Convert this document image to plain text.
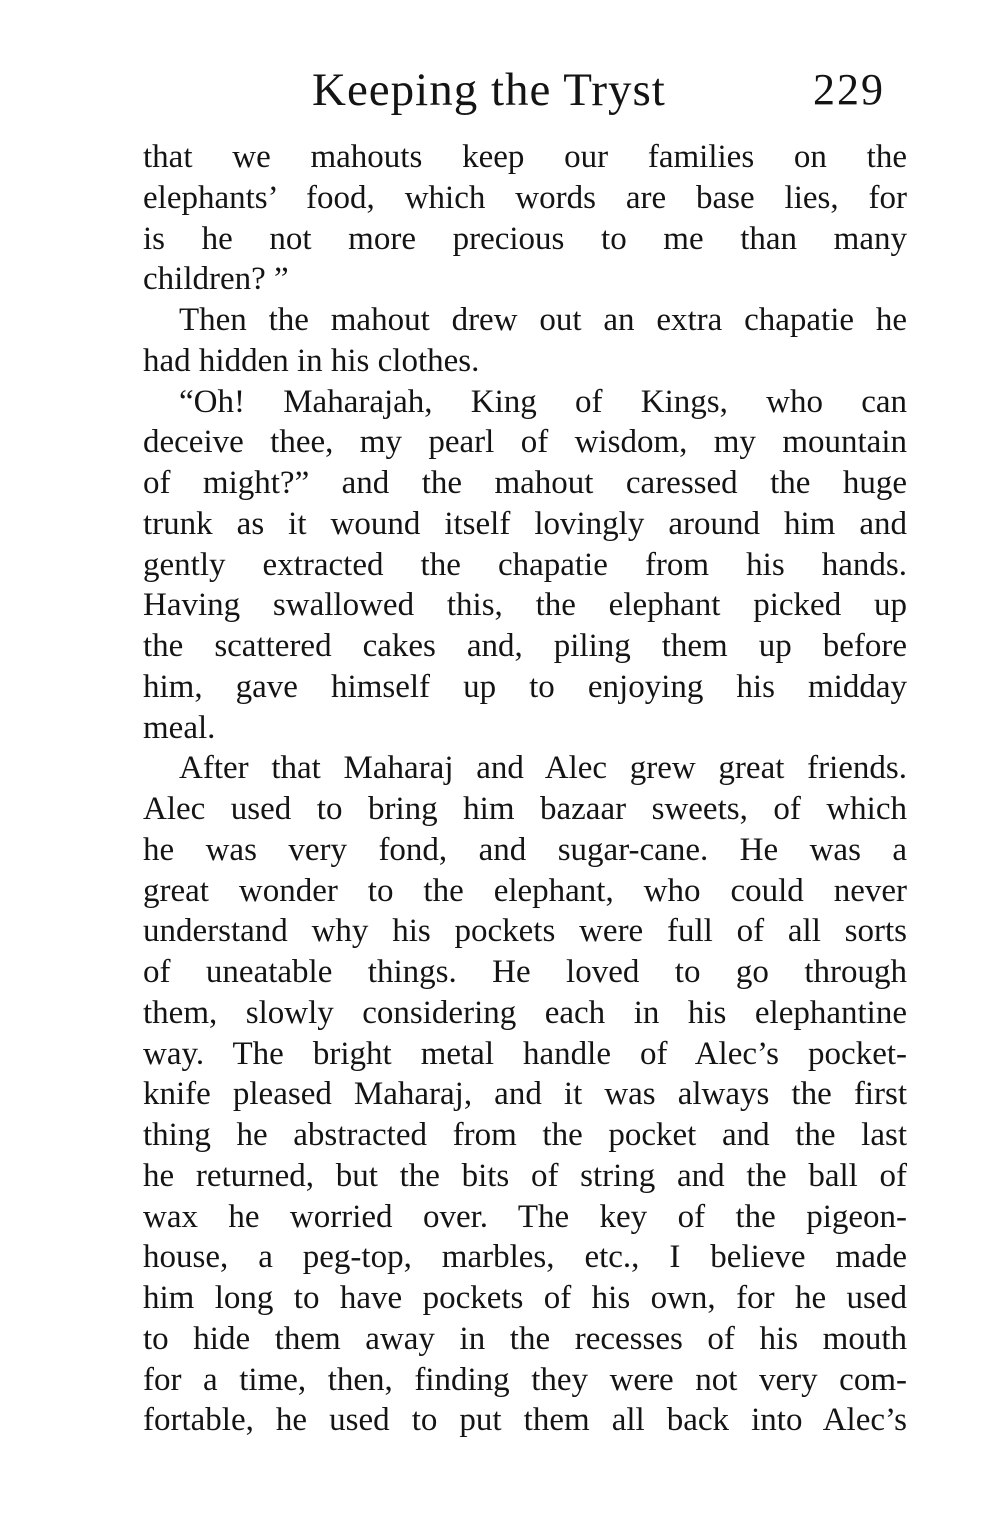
Keeping the Tryst	229
that we mahouts keep our families on the
elephants’ food, which words are base lies, for
is he not more precious to me than many
children? ”
Then the mahout drew out an extra chapatie he
had hidden in his clothes.
“Oh! Maharajah, King of Kings, who can
deceive thee, my pearl of wisdom, my mountain
of might?” and the mahout caressed the huge
trunk as it wound itself lovingly around him and
gently extracted the chapatie from his hands.
Having swallowed this, the elephant picked up
the scattered cakes and, piling them up before
him, gave himself up to enjoying his midday
meal.
After that Maharaj and Alec grew great friends.
Alec used to bring him bazaar sweets, of which
he was very fond, and sugar-cane. He was a
great wonder to the elephant, who could never
understand why his pockets were full of all sorts
of uneatable things. He loved to go through
them, slowly considering each in his elephantine
way. The bright metal handle of Alec’s pocket-
knife pleased Maharaj, and it was always the first
thing he abstracted from the pocket and the last
he returned, but the bits of string and the ball of
wax he worried over. The key of the pigeon-
house, a peg-top, marbles, etc., I believe made
him long to have pockets of his own, for he used
to hide them away in the recesses of his mouth
for a time, then, finding they were not very com-
fortable, he used to put them all back into Alec’s
